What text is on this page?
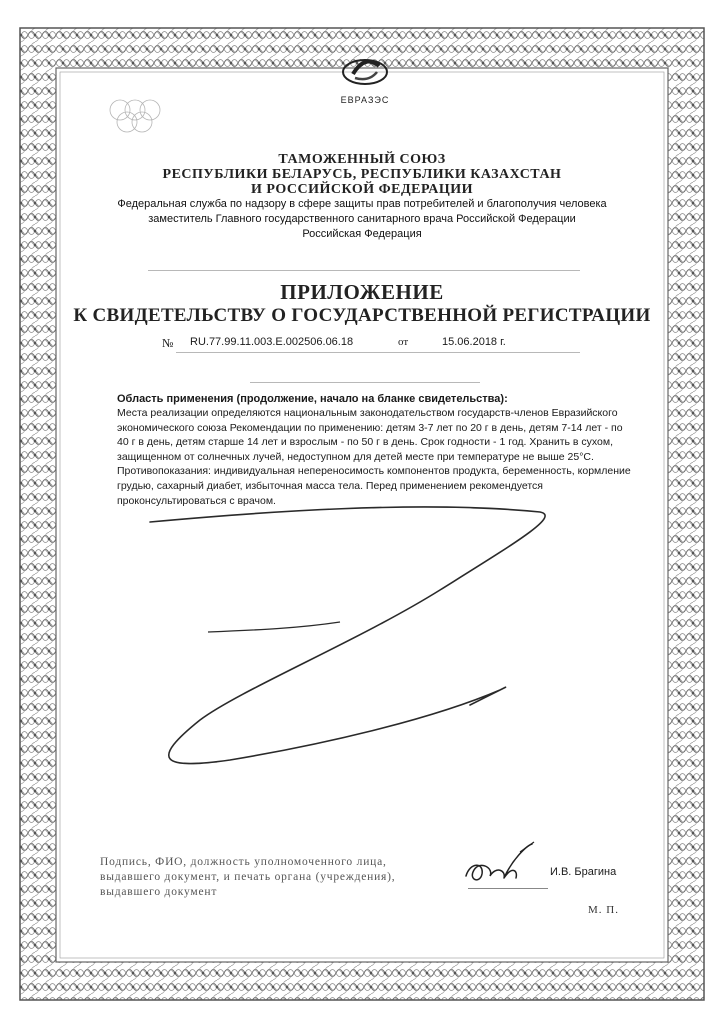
ЕВРАЗЭС
ТАМОЖЕННЫЙ СОЮЗ
РЕСПУБЛИКИ БЕЛАРУСЬ, РЕСПУБЛИКИ КАЗАХСТАН
И РОССИЙСКОЙ ФЕДЕРАЦИИ
Федеральная служба по надзору в сфере защиты прав потребителей и благополучия человека
заместитель Главного государственного санитарного врача Российской Федерации
Российская Федерация
ПРИЛОЖЕНИЕ
К СВИДЕТЕЛЬСТВУ О ГОСУДАРСТВЕННОЙ РЕГИСТРАЦИИ
№ RU.77.99.11.003.Е.002506.06.18	от	15.06.2018 г.
Область применения (продолжение, начало на бланке свидетельства):
Места реализации определяются национальным законодательством государств-членов Евразийского экономического союза Рекомендации по применению: детям 3-7 лет по 20 г в день, детям 7-14 лет - по 40 г в день, детям старше 14 лет и взрослым - по 50 г в день. Срок годности - 1 год. Хранить в сухом, защищенном от солнечных лучей, недоступном для детей месте при температуре не выше 25°С. Противопоказания: индивидуальная непереносимость компонентов продукта, беременность, кормление грудью, сахарный диабет, избыточная масса тела. Перед применением рекомендуется проконсультироваться с врачом.
Подпись, ФИО, должность уполномоченного лица, выдавшего документ, и печать органа (учреждения), выдавшего документ
И.В. Брагина
М. П.
